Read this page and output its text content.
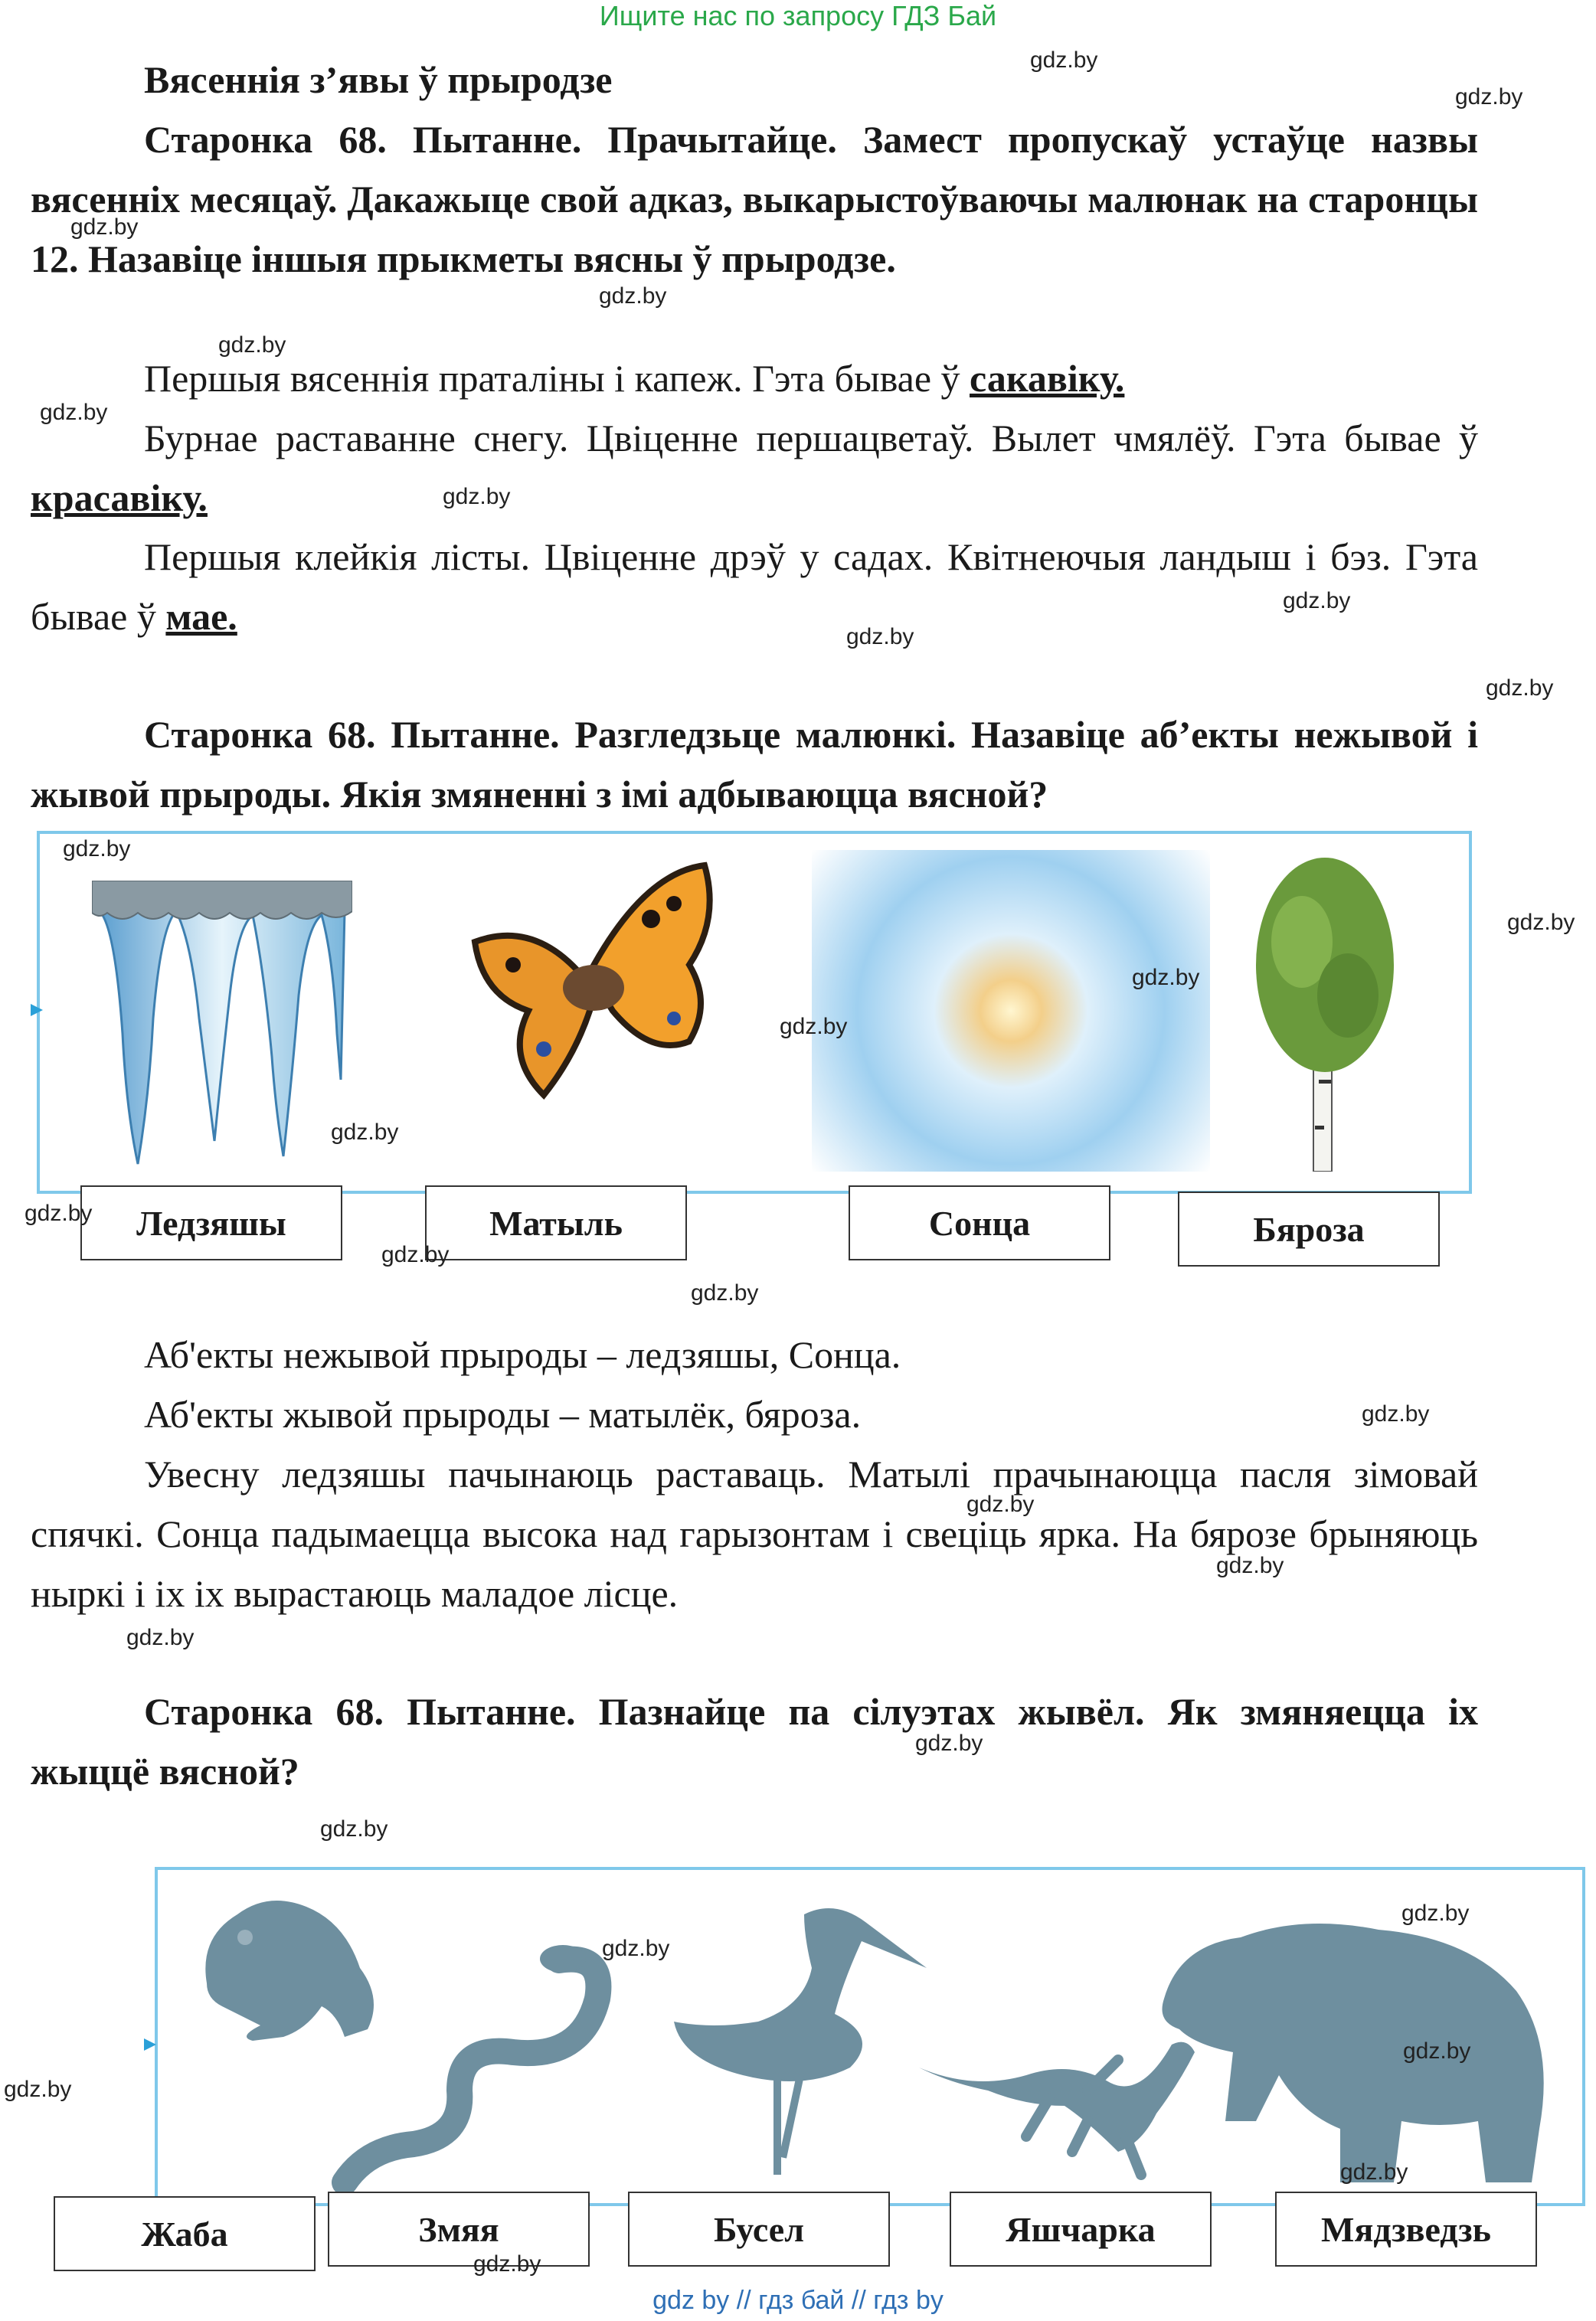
Ищите нас по запросу ГДЗ Бай
Вясеннія з’явы ў прыродзе
Старонка 68. Пытанне. Прачытайце. Замест пропускаў устаўце назвы вясенніх месяцаў. Дакажыце свой адказ, выкарыстоўваючы малюнак на старонцы 12. Назавіце іншыя прыкметы вясны ў прыродзе.
Першыя вясеннія праталіны і капеж. Гэта бывае ў сакавіку.
Бурнае раставанне снегу. Цвіценне першацветаў. Вылет чмялёў. Гэта бывае ў красавіку.
Першыя клейкія лісты. Цвіценне дрэў у садах. Квітнеючыя ландыш і бэз. Гэта бывае ў мае.
Старонка 68. Пытанне. Разгледзьце малюнкі. Назавіце аб’екты нежывой і жывой прыроды. Якія змяненні з імі адбываюцца вясной?
Ледзяшы	Матыль	Сонца	Бяроза
Аб'екты нежывой прыроды – ледзяшы, Сонца.
Аб'екты жывой прыроды – матылёк, бяроза.
Увесну ледзяшы пачынаюць раставаць. Матылі прачынаюцца пасля зімовай спячкі. Сонца падымаецца высока над гарызонтам і свеціць ярка. На бярозе брыняюць ныркі і іх іх вырастаюць маладое лісце.
Старонка 68. Пытанне. Пазнайце па сілуэтах жывёл. Як змяняецца іх жыццё вясной?
Жаба	Змяя	Бусел	Яшчарка	Мядзведзь
gdz.by
gdz.by
gdz.by
gdz.by
gdz.by
gdz.by
gdz.by
gdz.by
gdz.by
gdz.by
gdz.by
gdz.by
gdz.by
gdz.by
gdz.by
gdz.by
gdz.by
gdz.by
gdz.by
gdz.by
gdz.by
gdz.by
gdz.by
gdz.by
gdz.by
gdz.by
gdz.by
gdz.by
gdz.by
gdz.by
gdz by // гдз бай // гдз by
